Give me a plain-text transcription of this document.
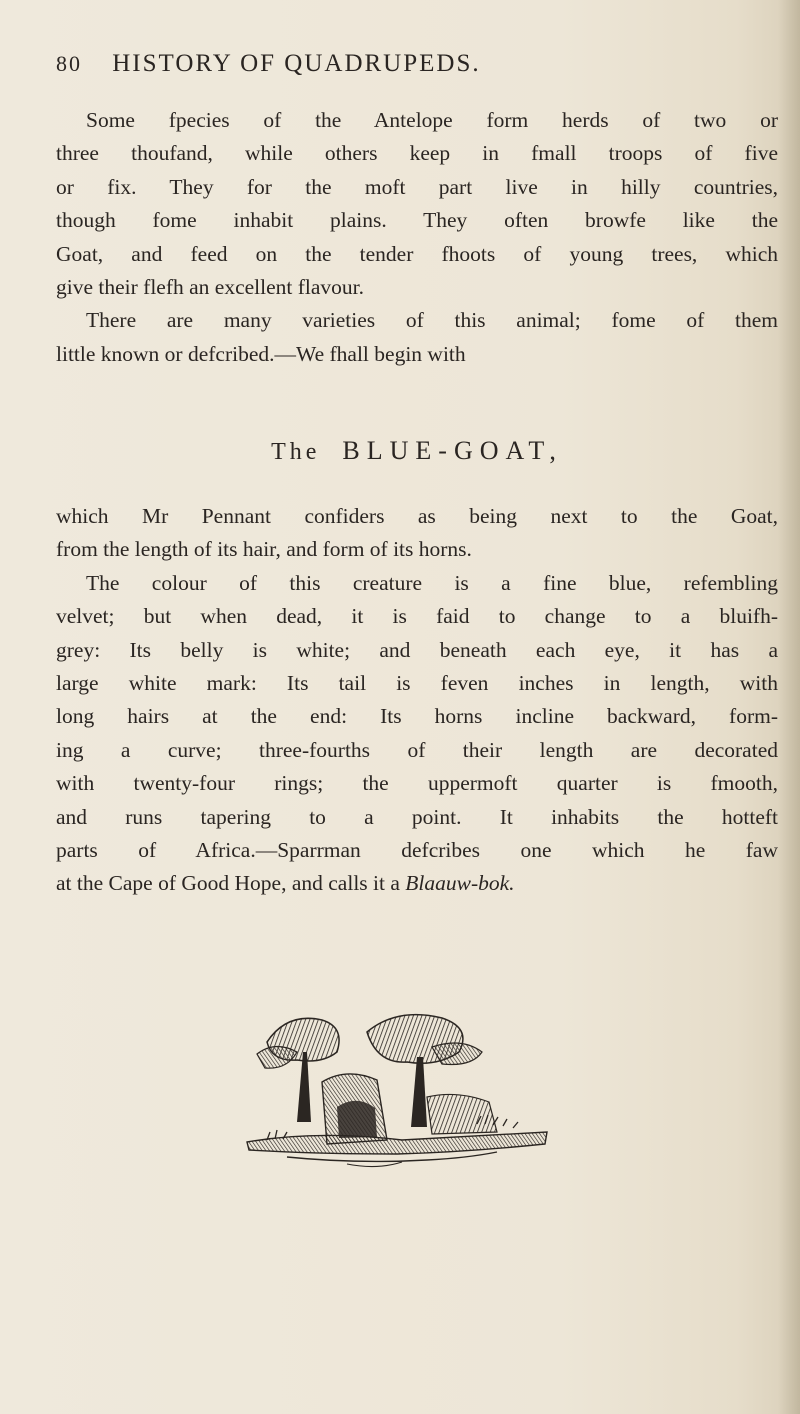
80 HISTORY OF QUADRUPEDS.
Some fpecies of the Antelope form herds of two or
three thoufand, while others keep in fmall troops of five
or fix. They for the moft part live in hilly countries,
though fome inhabit plains. They often browfe like the
Goat, and feed on the tender fhoots of young trees, which
give their flefh an excellent flavour.
There are many varieties of this animal; fome of them
little known or defcribed.—We fhall begin with
The BLUE-GOAT,
which Mr Pennant confiders as being next to the Goat,
from the length of its hair, and form of its horns.
The colour of this creature is a fine blue, refembling
velvet; but when dead, it is faid to change to a bluifh-
grey: Its belly is white; and beneath each eye, it has a
large white mark: Its tail is feven inches in length, with
long hairs at the end: Its horns incline backward, form-
ing a curve; three-fourths of their length are decorated
with twenty-four rings; the uppermoft quarter is fmooth,
and runs tapering to a point. It inhabits the hotteft
parts of Africa.—Sparrman defcribes one which he faw
at the Cape of Good Hope, and calls it a Blaauw-bok.
